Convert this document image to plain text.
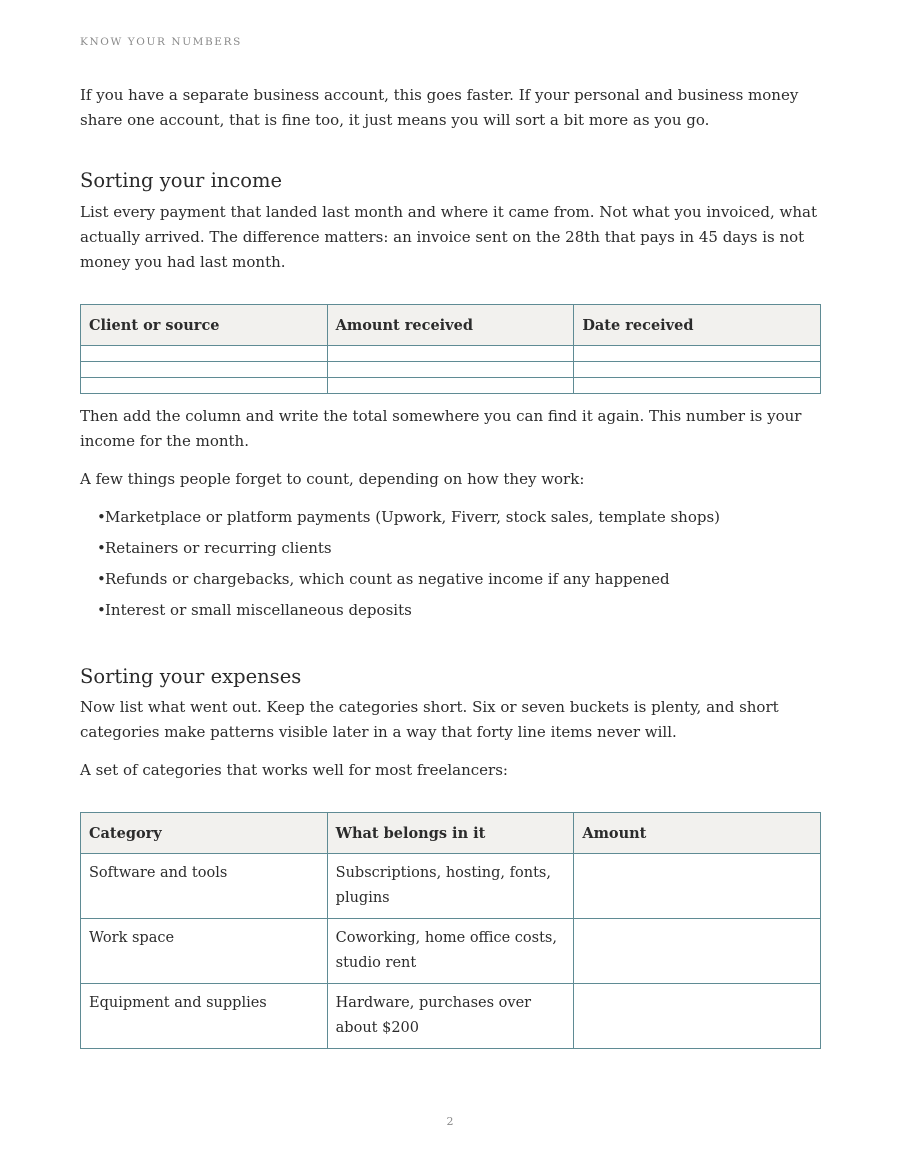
KNOW YOUR NUMBERS

If you have a separate business account, this goes faster. If your personal and business money share one account, that is fine too, it just means you will sort a bit more as you go.

Sorting your income

List every payment that landed last month and where it came from. Not what you invoiced, what actually arrived. The difference matters: an invoice sent on the 28th that pays in 45 days is not money you had last month.

Client or source	Amount received	Date received

Then add the column and write the total somewhere you can find it again. This number is your income for the month.

A few things people forget to count, depending on how they work:

• Marketplace or platform payments (Upwork, Fiverr, stock sales, template shops)
• Retainers or recurring clients
• Refunds or chargebacks, which count as negative income if any happened
• Interest or small miscellaneous deposits
Sorting your expenses

Now list what went out. Keep the categories short. Six or seven buckets is plenty, and short categories make patterns visible later in a way that forty line items never will.

A set of categories that works well for most freelancers:

Category	What belongs in it	Amount
Software and tools	Subscriptions, hosting, fonts, plugins	
Work space	Coworking, home office costs, studio rent	
Equipment and supplies	Hardware, purchases over about $200	
2
